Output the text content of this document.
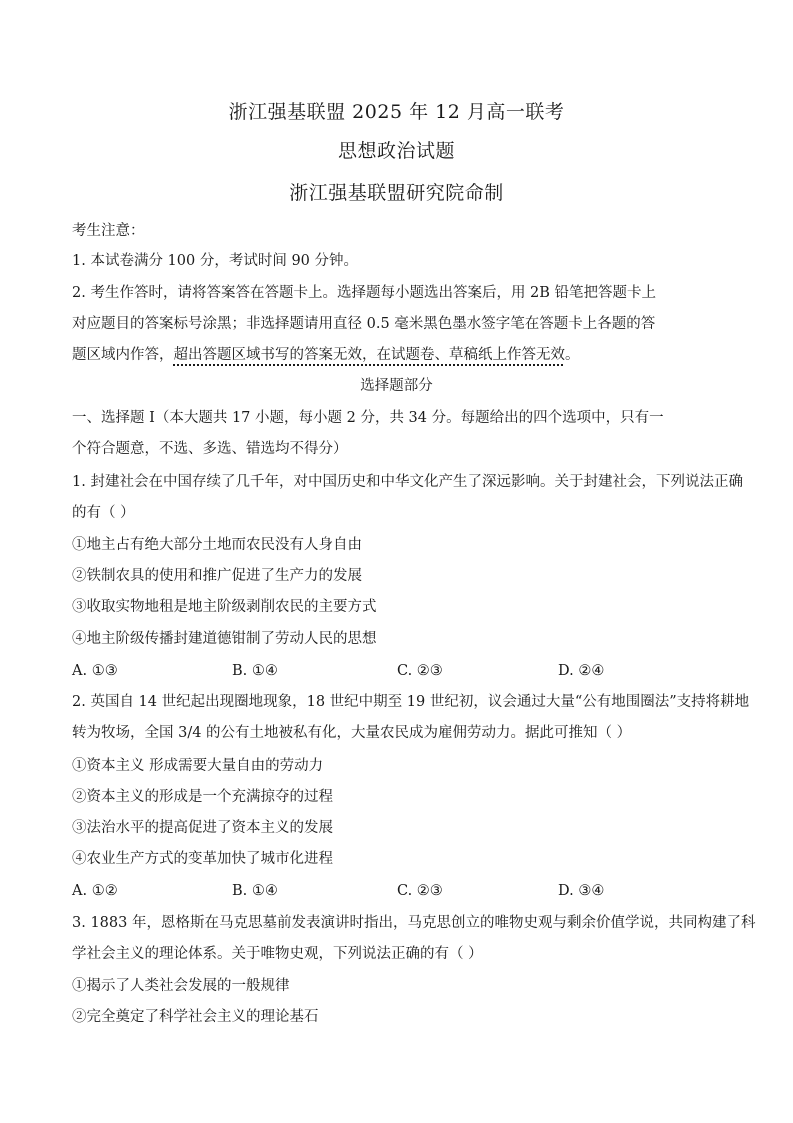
浙江强基联盟 2025 年 12 月高一联考
思想政治试题
浙江强基联盟研究院命制
考生注意：
1. 本试卷满分 100 分，考试时间 90 分钟。
2. 考生作答时，请将答案答在答题卡上。选择题每小题选出答案后，用 2B 铅笔把答题卡上
对应题目的答案标号涂黑；非选择题请用直径 0.5 毫米黑色墨水签字笔在答题卡上各题的答
题区域内作答，超出答题区域书写的答案无效，在试题卷、草稿纸上作答无效。
选择题部分
一、选择题 I（本大题共 17 小题，每小题 2 分，共 34 分。每题给出的四个选项中，只有一
个符合题意，不选、多选、错选均不得分）
1. 封建社会在中国存续了几千年，对中国历史和中华文化产生了深远影响。关于封建社会，下列说法正确
的有（ ）
①地主占有绝大部分土地而农民没有人身自由
②铁制农具的使用和推广促进了生产力的发展
③收取实物地租是地主阶级剥削农民的主要方式
④地主阶级传播封建道德钳制了劳动人民的思想
A. ①③	B. ①④	C. ②③	D. ②④
2. 英国自 14 世纪起出现圈地现象，18 世纪中期至 19 世纪初，议会通过大量“公有地围圈法”支持将耕地
转为牧场，全国 3/4 的公有土地被私有化，大量农民成为雇佣劳动力。据此可推知（ ）
①资本主义 形成需要大量自由的劳动力
②资本主义的形成是一个充满掠夺的过程
③法治水平的提高促进了资本主义的发展
④农业生产方式的变革加快了城市化进程
A. ①②	B. ①④	C. ②③	D. ③④
3. 1883 年，恩格斯在马克思墓前发表演讲时指出，马克思创立的唯物史观与剩余价值学说，共同构建了科
学社会主义的理论体系。关于唯物史观，下列说法正确的有（ ）
①揭示了人类社会发展的一般规律
②完全奠定了科学社会主义的理论基石
